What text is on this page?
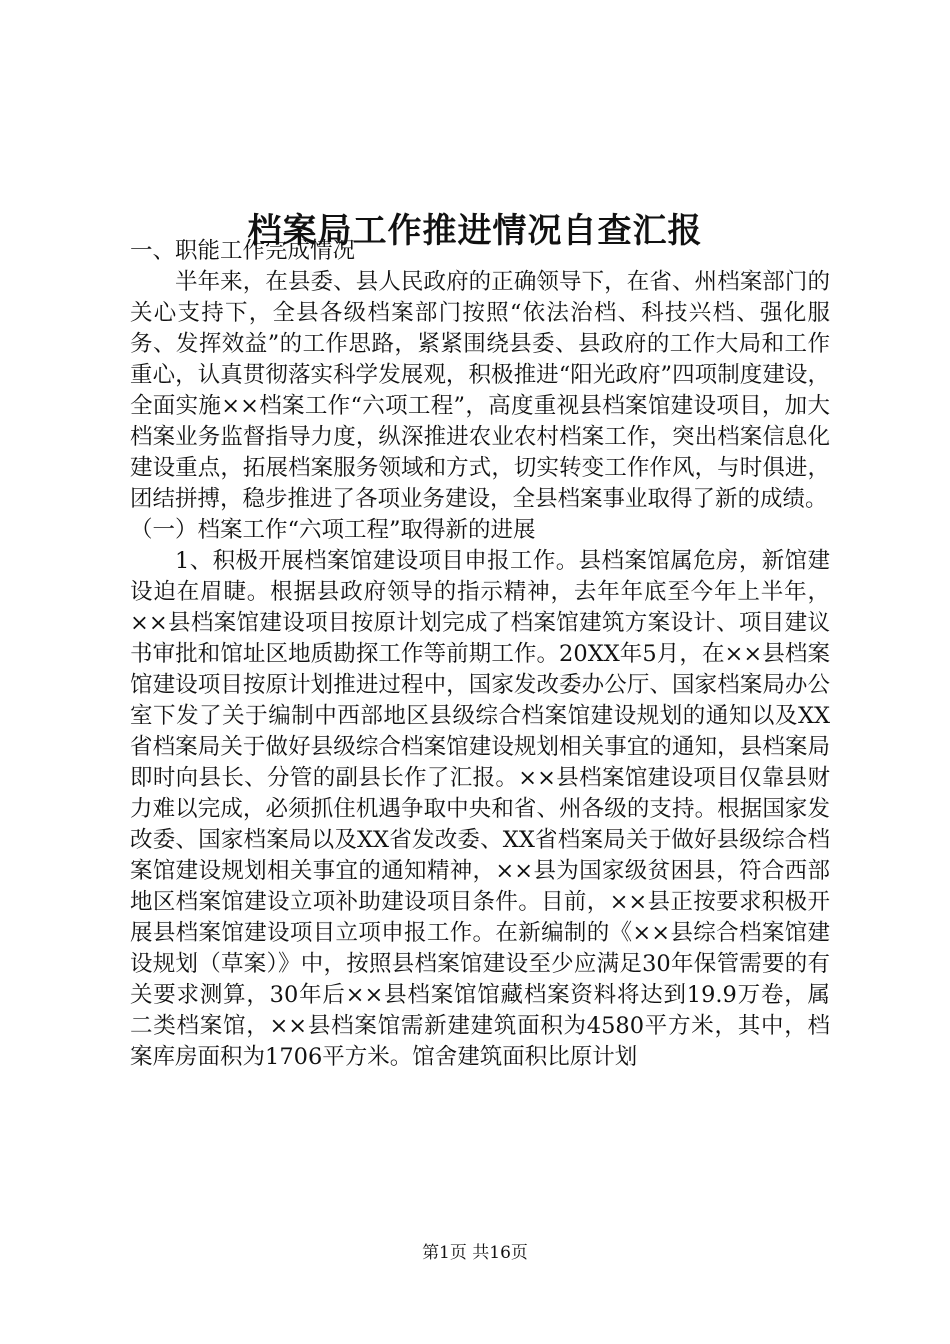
档案局工作推进情况自查汇报

一、职能工作完成情况

半年来，在县委、县人民政府的正确领导下，在省、州档案部门的关心支持下，全县各级档案部门按照“依法治档、科技兴档、强化服务、发挥效益”的工作思路，紧紧围绕县委、县政府的工作大局和工作重心，认真贯彻落实科学发展观，积极推进“阳光政府”四项制度建设，全面实施××档案工作“六项工程”，高度重视县档案馆建设项目，加大档案业务监督指导力度，纵深推进农业农村档案工作，突出档案信息化建设重点，拓展档案服务领域和方式，切实转变工作作风，与时俱进，团结拼搏，稳步推进了各项业务建设，全县档案事业取得了新的成绩。

（一）档案工作“六项工程”取得新的进展

1、积极开展档案馆建设项目申报工作。县档案馆属危房，新馆建设迫在眉睫。根据县政府领导的指示精神，去年年底至今年上半年，××县档案馆建设项目按原计划完成了档案馆建筑方案设计、项目建议书审批和馆址区地质勘探工作等前期工作。20XX年5月，在××县档案馆建设项目按原计划推进过程中，国家发改委办公厅、国家档案局办公室下发了关于编制中西部地区县级综合档案馆建设规划的通知以及XX省档案局关于做好县级综合档案馆建设规划相关事宜的通知，县档案局即时向县长、分管的副县长作了汇报。××县档案馆建设项目仅靠县财力难以完成，必须抓住机遇争取中央和省、州各级的支持。根据国家发改委、国家档案局以及XX省发改委、XX省档案局关于做好县级综合档案馆建设规划相关事宜的通知精神，××县为国家级贫困县，符合西部地区档案馆建设立项补助建设项目条件。目前，××县正按要求积极开展县档案馆建设项目立项申报工作。在新编制的《××县综合档案馆建设规划（草案）》中，按照县档案馆建设至少应满足30年保管需要的有关要求测算，30年后××县档案馆馆藏档案资料将达到19.9万卷，属二类档案馆，××县档案馆需新建建筑面积为4580平方米，其中，档案库房面积为1706平方米。馆舍建筑面积比原计划

第1页 共16页
